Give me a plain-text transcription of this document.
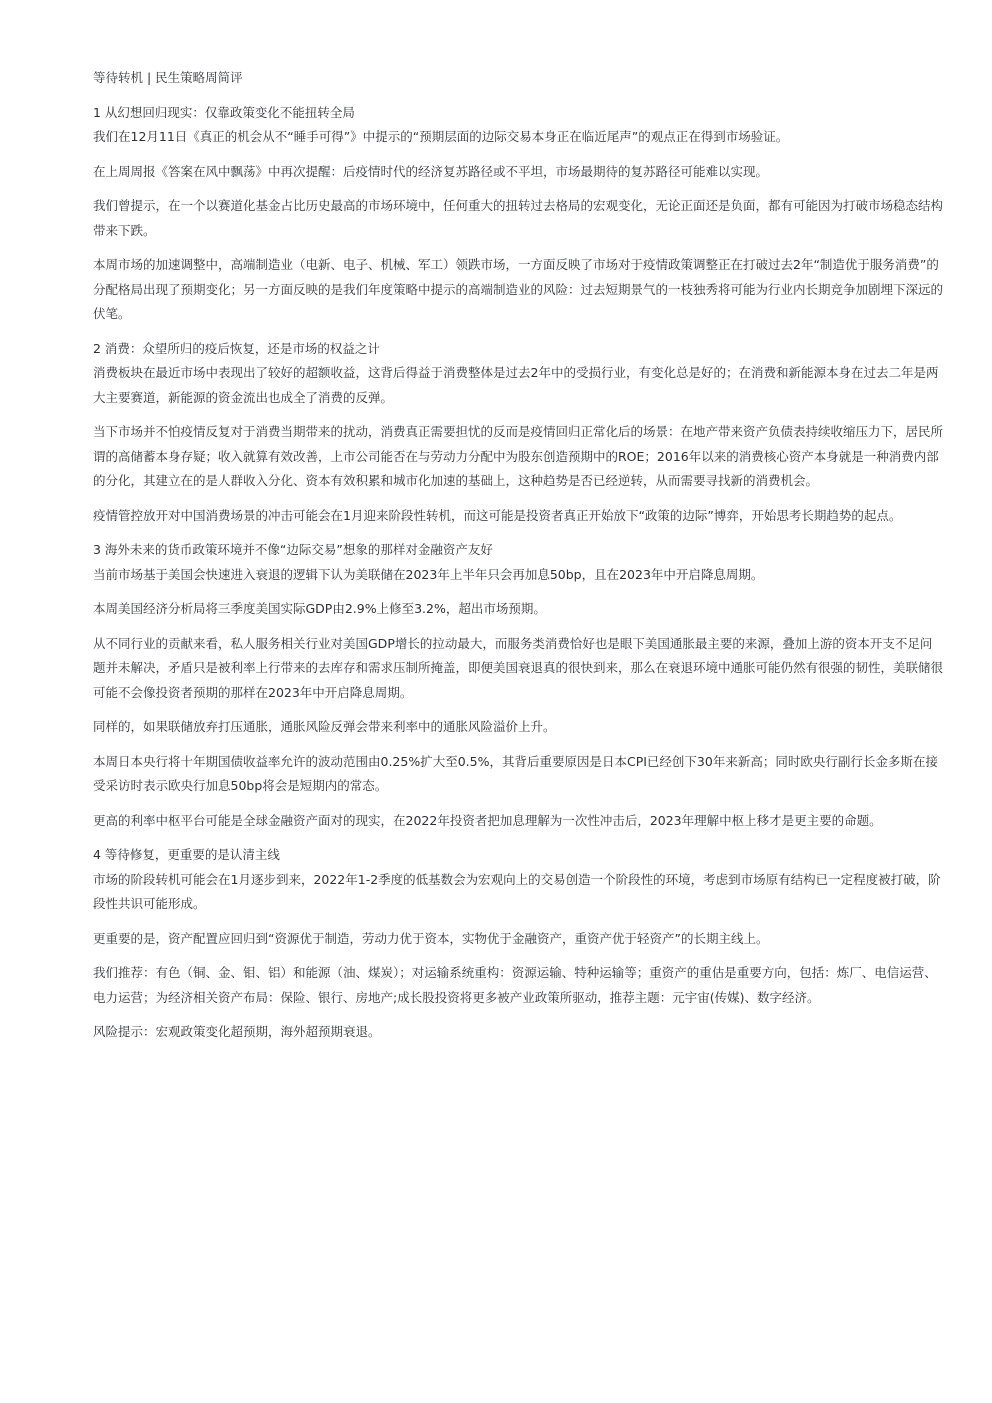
等待转机 | 民生策略周简评
1 从幻想回归现实：仅靠政策变化不能扭转全局

我们在12月11日《真正的机会从不“睡手可得”》中提示的“预期层面的边际交易本身正在临近尾声”的观点正在得到市场验证。

在上周周报《答案在风中飘荡》中再次提醒：后疫情时代的经济复苏路径或不平坦，市场最期待的复苏路径可能难以实现。

我们曾提示，在一个以赛道化基金占比历史最高的市场环境中，任何重大的扭转过去格局的宏观变化，无论正面还是负面，都有可能因为打破市场稳态结构带来下跌。

本周市场的加速调整中，高端制造业（电新、电子、机械、军工）领跌市场，一方面反映了市场对于疫情政策调整正在打破过去2年“制造优于服务消费”的分配格局出现了预期变化；另一方面反映的是我们年度策略中提示的高端制造业的风险：过去短期景气的一枝独秀将可能为行业内长期竞争加剧埋下深远的伏笔。

2 消费：众望所归的疫后恢复，还是市场的权益之计

消费板块在最近市场中表现出了较好的超额收益，这背后得益于消费整体是过去2年中的受损行业，有变化总是好的；在消费和新能源本身在过去二年是两大主要赛道，新能源的资金流出也成全了消费的反弹。

当下市场并不怕疫情反复对于消费当期带来的扰动，消费真正需要担忧的反而是疫情回归正常化后的场景：在地产带来资产负债表持续收缩压力下，居民所谓的高储蓄本身存疑；收入就算有效改善，上市公司能否在与劳动力分配中为股东创造预期中的ROE；2016年以来的消费核心资产本身就是一种消费内部的分化，其建立在的是人群收入分化、资本有效积累和城市化加速的基础上，这种趋势是否已经逆转，从而需要寻找新的消费机会。

疫情管控放开对中国消费场景的冲击可能会在1月迎来阶段性转机，而这可能是投资者真正开始放下“政策的边际”博弈，开始思考长期趋势的起点。

3 海外未来的货币政策环境并不像“边际交易”想象的那样对金融资产友好

当前市场基于美国会快速进入衰退的逻辑下认为美联储在2023年上半年只会再加息50bp，且在2023年中开启降息周期。

本周美国经济分析局将三季度美国实际GDP由2.9%上修至3.2%，超出市场预期。

从不同行业的贡献来看，私人服务相关行业对美国GDP增长的拉动最大，而服务类消费恰好也是眼下美国通胀最主要的来源，叠加上游的资本开支不足问题并未解决，矛盾只是被利率上行带来的去库存和需求压制所掩盖，即便美国衰退真的很快到来，那么在衰退环境中通胀可能仍然有很强的韧性，美联储很可能不会像投资者预期的那样在2023年中开启降息周期。

同样的，如果联储放弃打压通胀，通胀风险反弹会带来利率中的通胀风险溢价上升。

本周日本央行将十年期国债收益率允许的波动范围由0.25%扩大至0.5%，其背后重要原因是日本CPI已经创下30年来新高；同时欧央行副行长金多斯在接受采访时表示欧央行加息50bp将会是短期内的常态。

更高的利率中枢平台可能是全球金融资产面对的现实，在2022年投资者把加息理解为一次性冲击后，2023年理解中枢上移才是更主要的命题。

4 等待修复，更重要的是认清主线

市场的阶段转机可能会在1月逐步到来，2022年1-2季度的低基数会为宏观向上的交易创造一个阶段性的环境，考虑到市场原有结构已一定程度被打破，阶段性共识可能形成。

更重要的是，资产配置应回归到“资源优于制造，劳动力优于资本，实物优于金融资产，重资产优于轻资产”的长期主线上。

我们推荐：有色（铜、金、钼、铝）和能源（油、煤炭）；对运输系统重构：资源运输、特种运输等；重资产的重估是重要方向，包括：炼厂、电信运营、电力运营；为经济相关资产布局：保险、银行、房地产;成长股投资将更多被产业政策所驱动，推荐主题：元宇宙(传媒)、数字经济。

风险提示：宏观政策变化超预期，海外超预期衰退。
